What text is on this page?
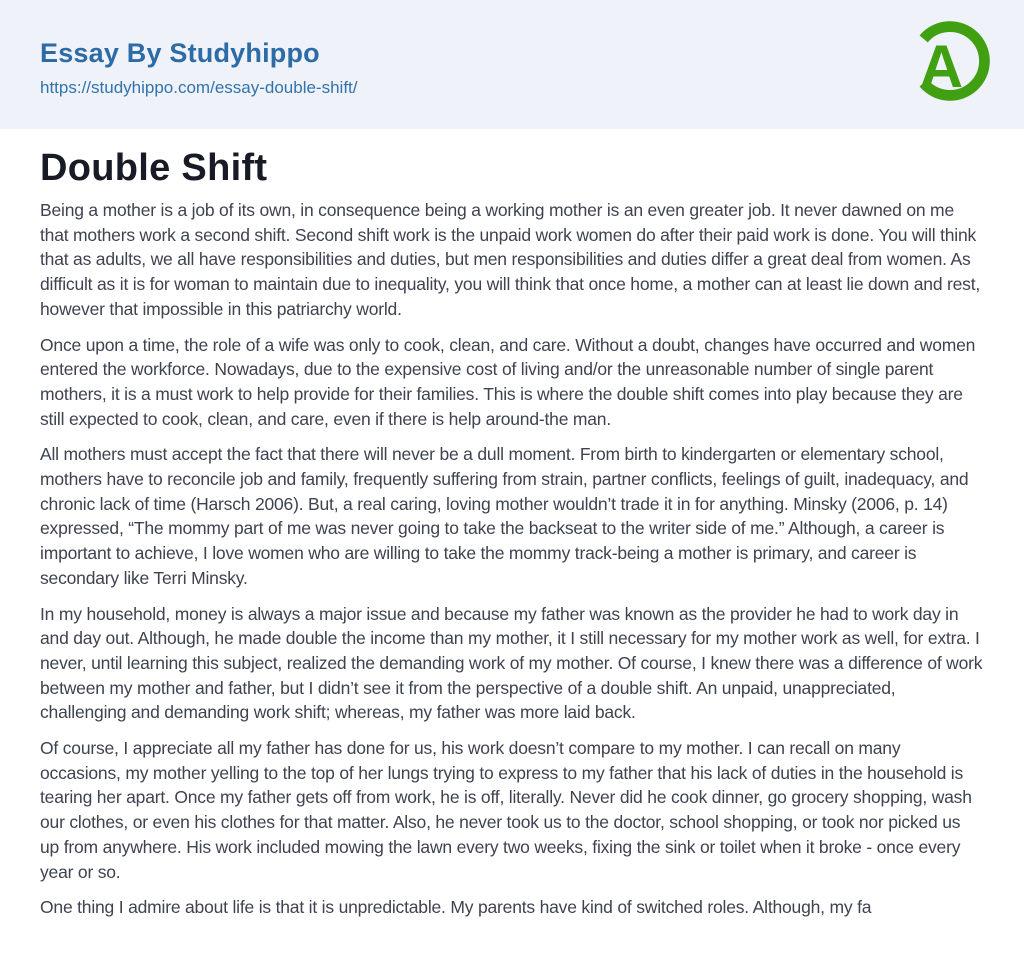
Essay By Studyhippo
https://studyhippo.com/essay-double-shift/	A
Double Shift

Being a mother is a job of its own, in consequence being a working mother is an even greater job. It never dawned on me that mothers work a second shift. Second shift work is the unpaid work women do after their paid work is done. You will think that as adults, we all have responsibilities and duties, but men responsibilities and duties differ a great deal from women. As difficult as it is for woman to maintain due to inequality, you will think that once home, a mother can at least lie down and rest, however that impossible in this patriarchy world.

Once upon a time, the role of a wife was only to cook, clean, and care. Without a doubt, changes have occurred and women entered the workforce. Nowadays, due to the expensive cost of living and/or the unreasonable number of single parent mothers, it is a must work to help provide for their families. This is where the double shift comes into play because they are still expected to cook, clean, and care, even if there is help around-the man.

All mothers must accept the fact that there will never be a dull moment. From birth to kindergarten or elementary school, mothers have to reconcile job and family, frequently suffering from strain, partner conflicts, feelings of guilt, inadequacy, and chronic lack of time (Harsch 2006). But, a real caring, loving mother wouldn’t trade it in for anything. Minsky (2006, p. 14) expressed, “The mommy part of me was never going to take the backseat to the writer side of me.” Although, a career is important to achieve, I love women who are willing to take the mommy track-being a mother is primary, and career is secondary like Terri Minsky.

In my household, money is always a major issue and because my father was known as the provider he had to work day in and day out. Although, he made double the income than my mother, it I still necessary for my mother work as well, for extra. I never, until learning this subject, realized the demanding work of my mother. Of course, I knew there was a difference of work between my mother and father, but I didn’t see it from the perspective of a double shift. An unpaid, unappreciated, challenging and demanding work shift; whereas, my father was more laid back.

Of course, I appreciate all my father has done for us, his work doesn’t compare to my mother. I can recall on many occasions, my mother yelling to the top of her lungs trying to express to my father that his lack of duties in the household is tearing her apart. Once my father gets off from work, he is off, literally. Never did he cook dinner, go grocery shopping, wash our clothes, or even his clothes for that matter. Also, he never took us to the doctor, school shopping, or took nor picked us up from anywhere. His work included mowing the lawn every two weeks, fixing the sink or toilet when it broke - once every year or so.

One thing I admire about life is that it is unpredictable. My parents have kind of switched roles. Although, my fa
